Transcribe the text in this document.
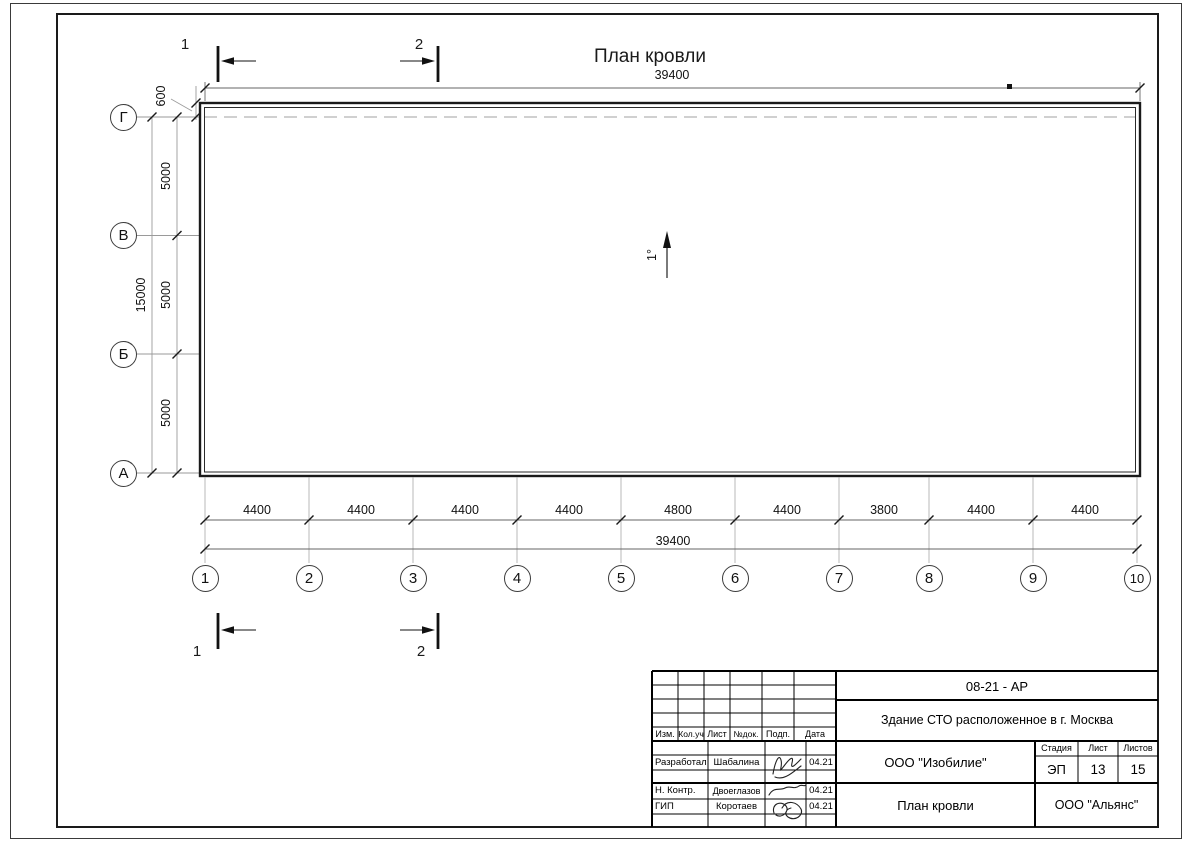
План кровли
39400
4400	4400	4400	4400	4800	4400	3800	4400	4400
39400
600
5000
5000
5000
15000
1°
1	2
1	2
Г
В
Б
А
1	2	3	4	5	6	7	8	9	10
08-21 - АР
Здание СТО расположенное в г. Москва
ООО "Изобилие"
План кровли	ООО "Альянс"
Стадия	Лист	Листов
ЭП	13	15
Изм. Кол.уч Лист №док. Подп.	Дата
Разработал Шабалина	04.21
Н. Контр.	Двоеглазов	04.21
ГИП	Коротаев	04.21
